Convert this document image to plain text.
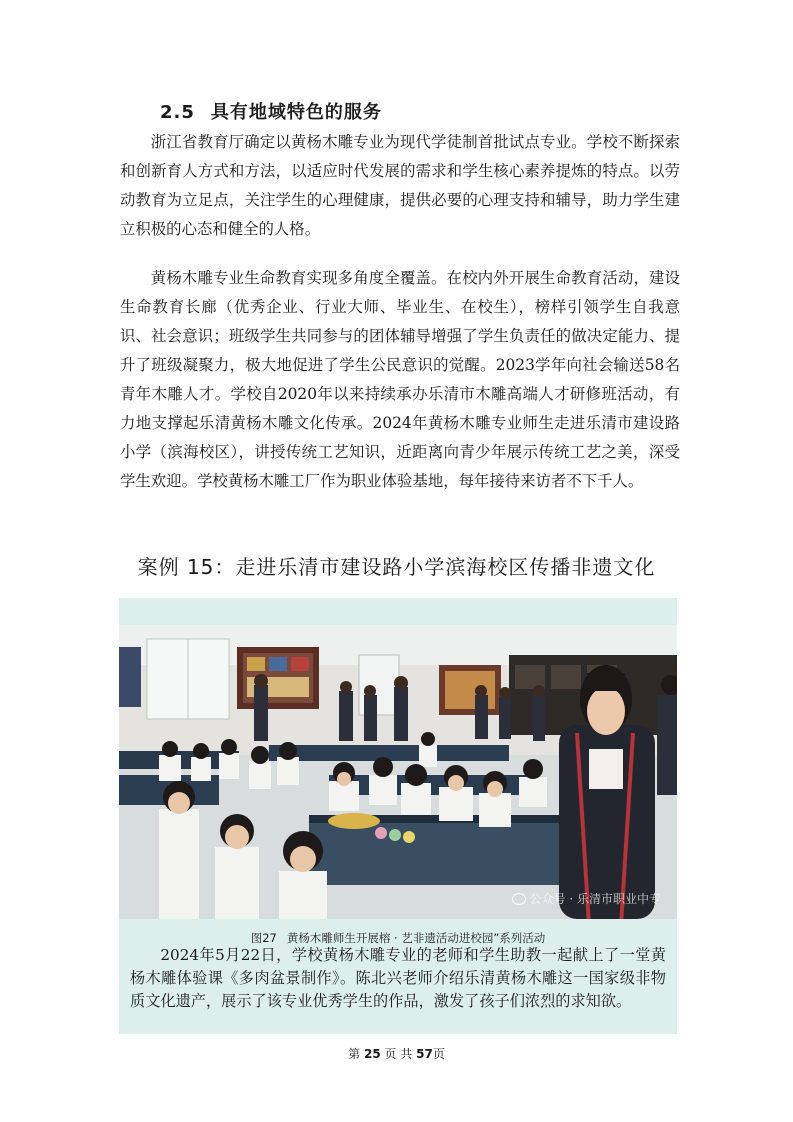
2.5 具有地域特色的服务

浙江省教育厅确定以黄杨木雕专业为现代学徒制首批试点专业。学校不断探索和创新育人方式和方法，以适应时代发展的需求和学生核心素养提炼的特点。以劳动教育为立足点，关注学生的心理健康，提供必要的心理支持和辅导，助力学生建立积极的心态和健全的人格。

黄杨木雕专业生命教育实现多角度全覆盖。在校内外开展生命教育活动，建设生命教育长廊（优秀企业、行业大师、毕业生、在校生），榜样引领学生自我意识、社会意识；班级学生共同参与的团体辅导增强了学生负责任的做决定能力、提升了班级凝聚力，极大地促进了学生公民意识的觉醒。2023学年向社会输送58名青年木雕人才。学校自2020年以来持续承办乐清市木雕高端人才研修班活动，有力地支撑起乐清黄杨木雕文化传承。2024年黄杨木雕专业师生走进乐清市建设路小学（滨海校区），讲授传统工艺知识，近距离向青少年展示传统工艺之美，深受学生欢迎。学校黄杨木雕工厂作为职业体验基地，每年接待来访者不下千人。

案例 15：走进乐清市建设路小学滨海校区传播非遗文化
公众号 · 乐清市职业中专
图27 黄杨木雕师生开展榕 · 艺非遗活动进校园”系列活动

2024年5月22日，学校黄杨木雕专业的老师和学生助教一起献上了一堂黄杨木雕体验课《多肉盆景制作》。陈北兴老师介绍乐清黄杨木雕这一国家级非物质文化遗产，展示了该专业优秀学生的作品，激发了孩子们浓烈的求知欲。

第 25 页 共 57页
